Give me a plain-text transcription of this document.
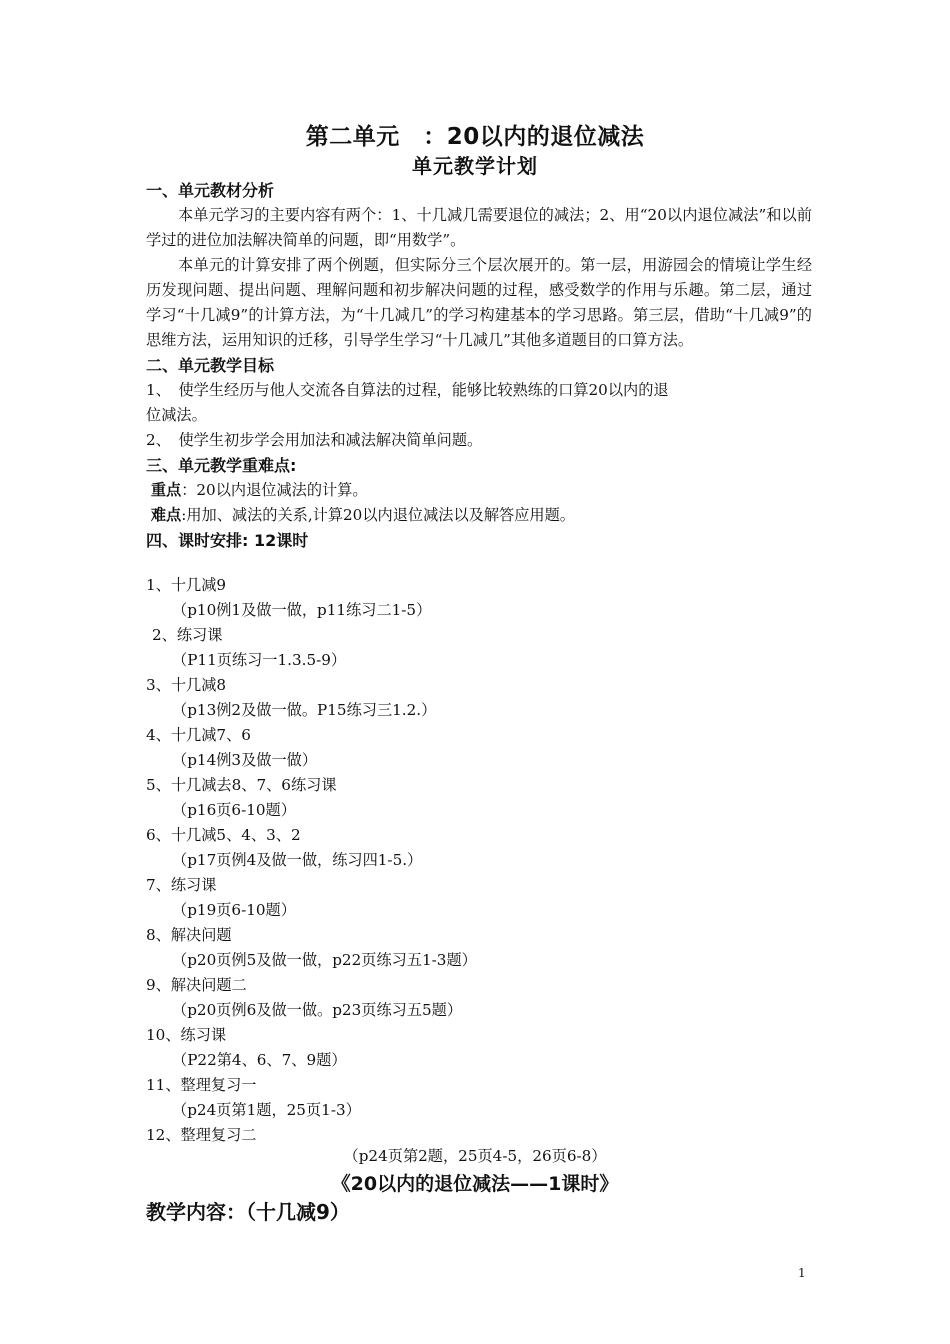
第二单元　：20以内的退位减法
单元教学计划
一、单元教材分析

本单元学习的主要内容有两个：1、十几减几需要退位的减法；2、用“20以内退位减法”和以前学过的进位加法解决简单的问题，即“用数学”。

本单元的计算安排了两个例题，但实际分三个层次展开的。第一层，用游园会的情境让学生经历发现问题、提出问题、理解问题和初步解决问题的过程，感受数学的作用与乐趣。第二层，通过学习“十几减9”的计算方法，为“十几减几”的学习构建基本的学习思路。第三层，借助“十几减9”的思维方法，运用知识的迁移，引导学生学习“十几减几”其他多道题目的口算方法。

二、单元教学目标
1、　使学生经历与他人交流各自算法的过程，能够比较熟练的口算20以内的退
位减法。
2、　使学生初步学会用加法和减法解决简单问题。
三、单元教学重难点:
重点：20以内退位减法的计算。
难点:用加、减法的关系,计算20以内退位减法以及解答应用题。
四、课时安排: 12课时
1、十几减9
（p10例1及做一做，p11练习二1-5）
2、练习课
（P11页练习一1.3.5-9）
3、十几减8
（p13例2及做一做。P15练习三1.2.）
4、十几减7、6
（p14例3及做一做）
5、十几减去8、7、6练习课
（p16页6-10题）
6、十几减5、4、3、2
（p17页例4及做一做，练习四1-5.）
7、练习课
（p19页6-10题）
8、解决问题
（p20页例5及做一做，p22页练习五1-3题）
9、解决问题二
（p20页例6及做一做。p23页练习五5题）
10、练习课
（P22第4、6、7、9题）
11、整理复习一
（p24页第1题，25页1-3）
12、整理复习二
（p24页第2题，25页4-5，26页6-8）
《20以内的退位减法——1课时》
教学内容：（十几减9）
1
